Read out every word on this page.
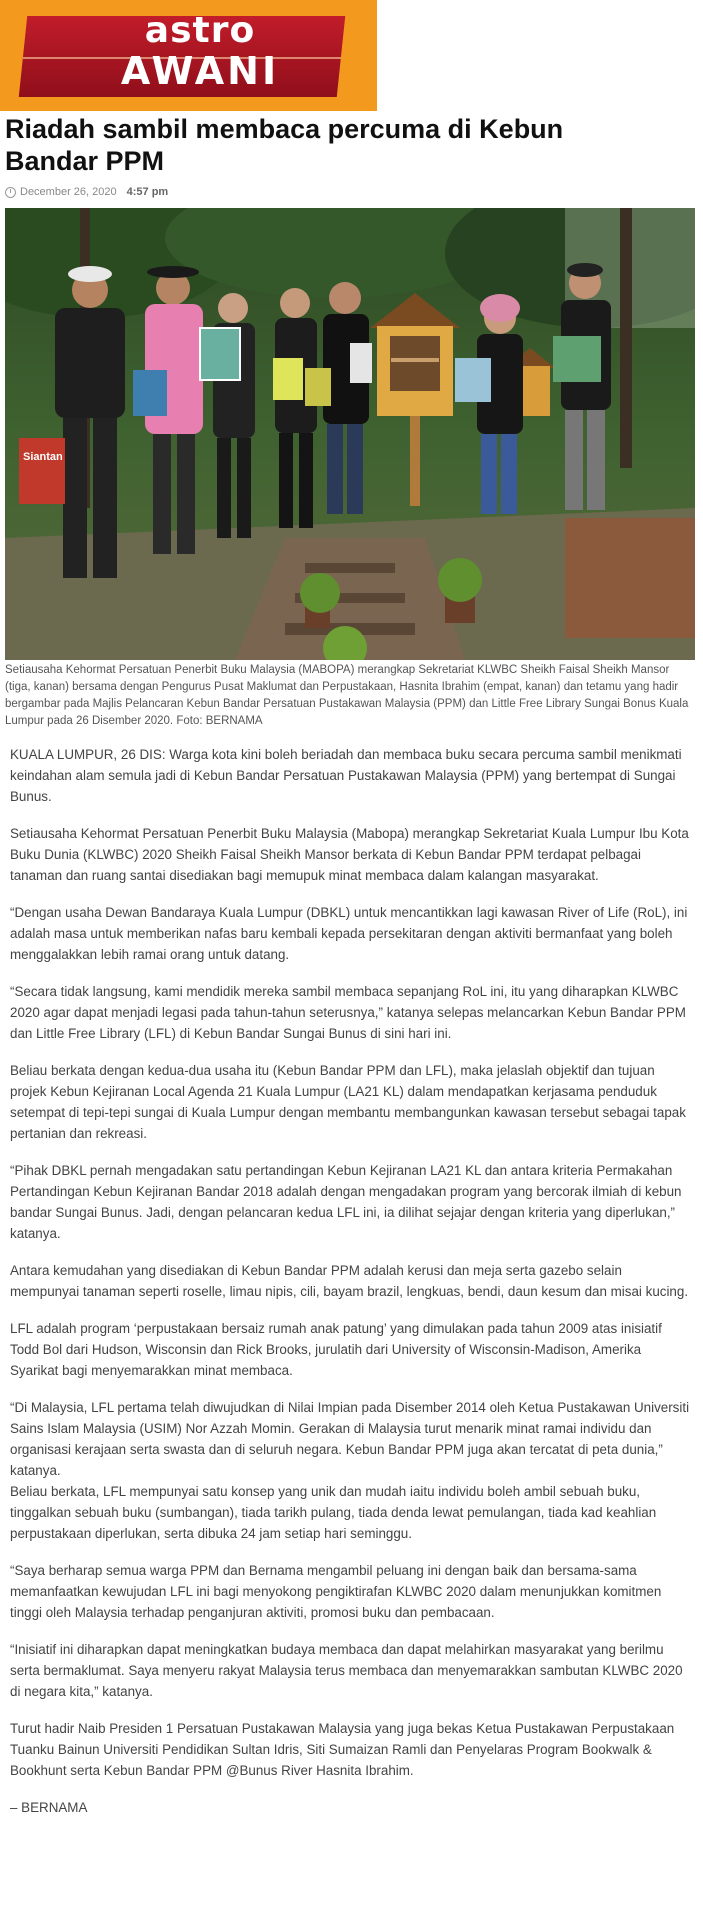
astro
AWANI
Riadah sambil membaca percuma di Kebun Bandar PPM
December 26, 2020 4:57 pm
Siantan

Setiausaha Kehormat Persatuan Penerbit Buku Malaysia (MABOPA) merangkap Sekretariat KLWBC Sheikh Faisal Sheikh Mansor (tiga, kanan) bersama dengan Pengurus Pusat Maklumat dan Perpustakaan, Hasnita Ibrahim (empat, kanan) dan tetamu yang hadir bergambar pada Majlis Pelancaran Kebun Bandar Persatuan Pustakawan Malaysia (PPM) dan Little Free Library Sungai Bonus Kuala Lumpur pada 26 Disember 2020. Foto: BERNAMA

KUALA LUMPUR, 26 DIS: Warga kota kini boleh beriadah dan membaca buku secara percuma sambil menikmati keindahan alam semula jadi di Kebun Bandar Persatuan Pustakawan Malaysia (PPM) yang bertempat di Sungai Bunus.

Setiausaha Kehormat Persatuan Penerbit Buku Malaysia (Mabopa) merangkap Sekretariat Kuala Lumpur Ibu Kota Buku Dunia (KLWBC) 2020 Sheikh Faisal Sheikh Mansor berkata di Kebun Bandar PPM terdapat pelbagai tanaman dan ruang santai disediakan bagi memupuk minat membaca dalam kalangan masyarakat.

“Dengan usaha Dewan Bandaraya Kuala Lumpur (DBKL) untuk mencantikkan lagi kawasan River of Life (RoL), ini adalah masa untuk memberikan nafas baru kembali kepada persekitaran dengan aktiviti bermanfaat yang boleh menggalakkan lebih ramai orang untuk datang.

“Secara tidak langsung, kami mendidik mereka sambil membaca sepanjang RoL ini, itu yang diharapkan KLWBC 2020 agar dapat menjadi legasi pada tahun-tahun seterusnya,” katanya selepas melancarkan Kebun Bandar PPM dan Little Free Library (LFL) di Kebun Bandar Sungai Bunus di sini hari ini.

Beliau berkata dengan kedua-dua usaha itu (Kebun Bandar PPM dan LFL), maka jelaslah objektif dan tujuan projek Kebun Kejiranan Local Agenda 21 Kuala Lumpur (LA21 KL) dalam mendapatkan kerjasama penduduk setempat di tepi-tepi sungai di Kuala Lumpur dengan membantu membangunkan kawasan tersebut sebagai tapak pertanian dan rekreasi.

“Pihak DBKL pernah mengadakan satu pertandingan Kebun Kejiranan LA21 KL dan antara kriteria Permakahan Pertandingan Kebun Kejiranan Bandar 2018 adalah dengan mengadakan program yang bercorak ilmiah di kebun bandar Sungai Bunus. Jadi, dengan pelancaran kedua LFL ini, ia dilihat sejajar dengan kriteria yang diperlukan,” katanya.

Antara kemudahan yang disediakan di Kebun Bandar PPM adalah kerusi dan meja serta gazebo selain mempunyai tanaman seperti roselle, limau nipis, cili, bayam brazil, lengkuas, bendi, daun kesum dan misai kucing.

LFL adalah program ‘perpustakaan bersaiz rumah anak patung’ yang dimulakan pada tahun 2009 atas inisiatif Todd Bol dari Hudson, Wisconsin dan Rick Brooks, jurulatih dari University of Wisconsin-Madison, Amerika Syarikat bagi menyemarakkan minat membaca.

“Di Malaysia, LFL pertama telah diwujudkan di Nilai Impian pada Disember 2014 oleh Ketua Pustakawan Universiti Sains Islam Malaysia (USIM) Nor Azzah Momin. Gerakan di Malaysia turut menarik minat ramai individu dan organisasi kerajaan serta swasta dan di seluruh negara. Kebun Bandar PPM juga akan tercatat di peta dunia,” katanya.

Beliau berkata, LFL mempunyai satu konsep yang unik dan mudah iaitu individu boleh ambil sebuah buku, tinggalkan sebuah buku (sumbangan), tiada tarikh pulang, tiada denda lewat pemulangan, tiada kad keahlian perpustakaan diperlukan, serta dibuka 24 jam setiap hari seminggu.

“Saya berharap semua warga PPM dan Bernama mengambil peluang ini dengan baik dan bersama-sama memanfaatkan kewujudan LFL ini bagi menyokong pengiktirafan KLWBC 2020 dalam menunjukkan komitmen tinggi oleh Malaysia terhadap penganjuran aktiviti, promosi buku dan pembacaan.

“Inisiatif ini diharapkan dapat meningkatkan budaya membaca dan dapat melahirkan masyarakat yang berilmu serta bermaklumat. Saya menyeru rakyat Malaysia terus membaca dan menyemarakkan sambutan KLWBC 2020 di negara kita,” katanya.

Turut hadir Naib Presiden 1 Persatuan Pustakawan Malaysia yang juga bekas Ketua Pustakawan Perpustakaan Tuanku Bainun Universiti Pendidikan Sultan Idris, Siti Sumaizan Ramli dan Penyelaras Program Bookwalk & Bookhunt serta Kebun Bandar PPM @Bunus River Hasnita Ibrahim.

– BERNAMA
